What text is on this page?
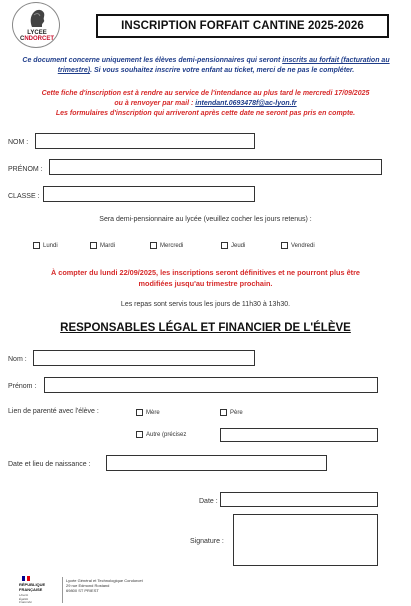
LYCEE
CNDORCET
INSCRIPTION FORFAIT CANTINE 2025-2026
Ce document concerne uniquement les élèves demi-pensionnaires qui seront inscrits au forfait (facturation au trimestre). Si vous souhaitez inscrire votre enfant au ticket, merci de ne pas le compléter.
Cette fiche d'inscription est à rendre au service de l'intendance au plus tard le mercredi 17/09/2025
ou à renvoyer par mail : intendant.0693478f@ac-lyon.fr
Les formulaires d'inscription qui arriveront après cette date ne seront pas pris en compte.
NOM :
PRÉNOM :
CLASSE :
Sera demi-pensionnaire au lycée (veuillez cocher les jours retenus) :
Lundi	Mardi	Mercredi	Jeudi	Vendredi
À compter du lundi 22/09/2025, les inscriptions seront définitives et ne pourront plus être
modifiées jusqu'au trimestre prochain.
Les repas sont servis tous les jours de 11h30 à 13h30.
RESPONSABLES LÉGAL ET FINANCIER DE L'ÉLÈVE
Nom :
Prénom :
Lien de parenté avec l'élève :	Mère	Père
Autre (précisez
Date et lieu de naissance :
Date :
Signature :
RÉPUBLIQUE
FRANÇAISE
Liberté
Égalité
Fraternité
Lycée Général et Technologique Condorcet
29 rue Edmond Rostand
69800 ST PRIEST
